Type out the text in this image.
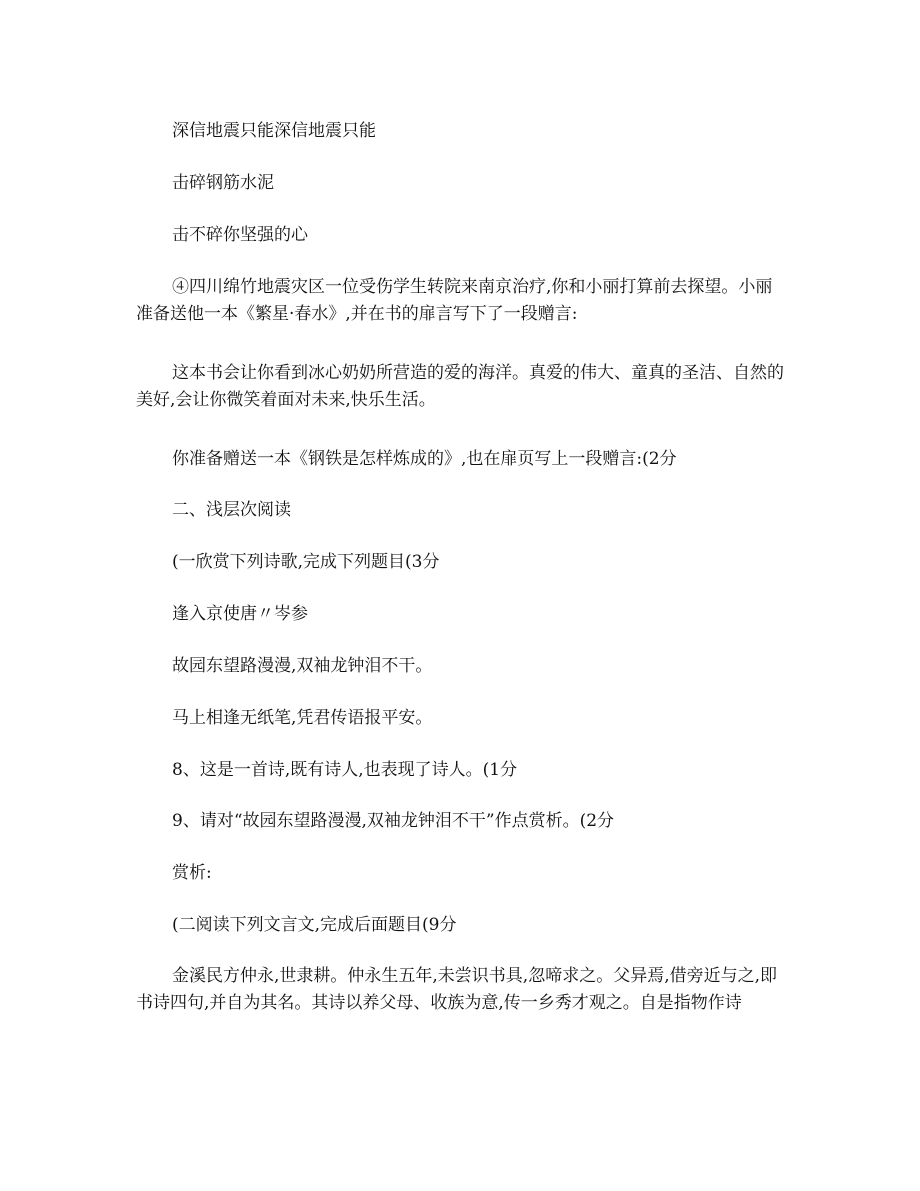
深信地震只能深信地震只能

击碎钢筋水泥

击不碎你坚强的心

④四川绵竹地震灾区一位受伤学生转院来南京治疗,你和小丽打算前去探望。小丽准备送他一本《繁星·春水》,并在书的扉言写下了一段赠言:

这本书会让你看到冰心奶奶所营造的爱的海洋。真爱的伟大、童真的圣洁、自然的美好,会让你微笑着面对未来,快乐生活。

你准备赠送一本《钢铁是怎样炼成的》,也在扉页写上一段赠言:(2分

二、浅层次阅读

(一欣赏下列诗歌,完成下列题目(3分

逢入京使唐〃岑参

故园东望路漫漫,双袖龙钟泪不干。

马上相逢无纸笔,凭君传语报平安。

8、这是一首诗,既有诗人,也表现了诗人。(1分

9、请对“故园东望路漫漫,双袖龙钟泪不干”作点赏析。(2分

赏析:

(二阅读下列文言文,完成后面题目(9分

金溪民方仲永,世隶耕。仲永生五年,未尝识书具,忽啼求之。父异焉,借旁近与之,即书诗四句,并自为其名。其诗以养父母、收族为意,传一乡秀才观之。自是指物作诗
